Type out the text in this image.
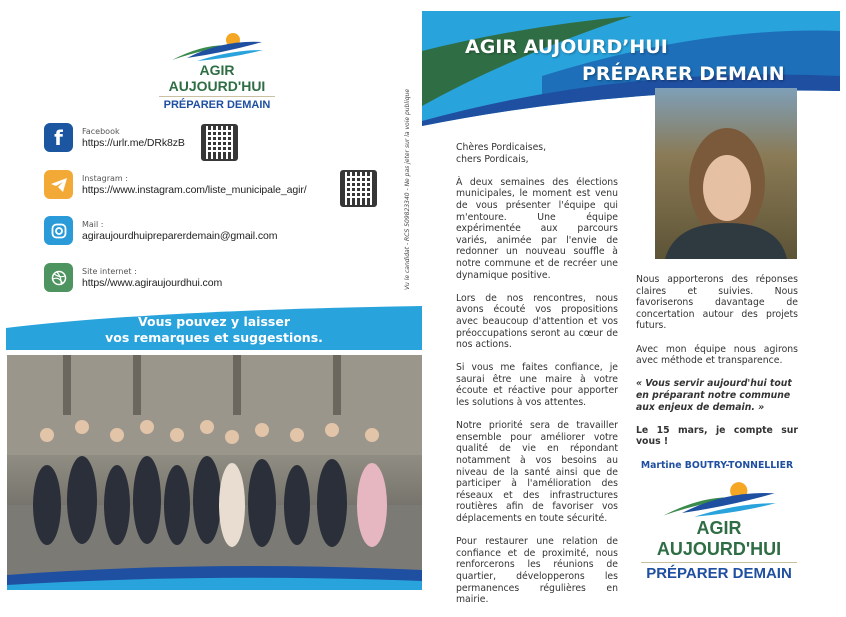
AGIR AUJOURD'HUI
PRÉPARER DEMAIN
f	Facebook
https://urlr.me/DRk8zB
Instagram :
https://www.instagram.com/liste_municipale_agir/
Mail :
agiraujourdhuipreparerdemain@gmail.com
Site internet :
https//www.agiraujourdhui.com
Vous pouvez y laisser
vos remarques et suggestions.
Vu le candidat - RCS 509823340 - Ne pas jeter sur la voie publique
AGIR AUJOURD’HUI
PRÉPARER DEMAIN
Chères Pordicaises,

chers Pordicais,

À deux semaines des élections municipales, le moment est venu de vous présenter l'équipe qui m'entoure. Une équipe expérimentée aux parcours variés, animée par l'envie de redonner un nouveau souffle à notre commune et de recréer une dynamique positive.

Lors de nos rencontres, nous avons écouté vos propositions avec beaucoup d'attention et vos préoccupations seront au cœur de nos actions.

Si vous me faites confiance, je saurai être une maire à votre écoute et réactive pour apporter les solutions à vos attentes.

Notre priorité sera de travailler ensemble pour améliorer votre qualité de vie en répondant notamment à vos besoins au niveau de la santé ainsi que de participer à l'amélioration des réseaux et des infrastructures routières afin de favoriser vos déplacements en toute sécurité.

Pour restaurer une relation de confiance et de proximité, nous renforcerons les réunions de quartier, développerons les permanences régulières en mairie.

Nous apporterons des réponses claires et suivies. Nous favoriserons davantage de concertation autour des projets futurs.

Avec mon équipe nous agirons avec méthode et transparence.

« Vous servir aujourd'hui tout en préparant notre commune aux enjeux de demain. »

Le 15 mars, je compte sur vous !

Martine BOUTRY-TONNELLIER
AGIR AUJOURD'HUI
PRÉPARER DEMAIN
